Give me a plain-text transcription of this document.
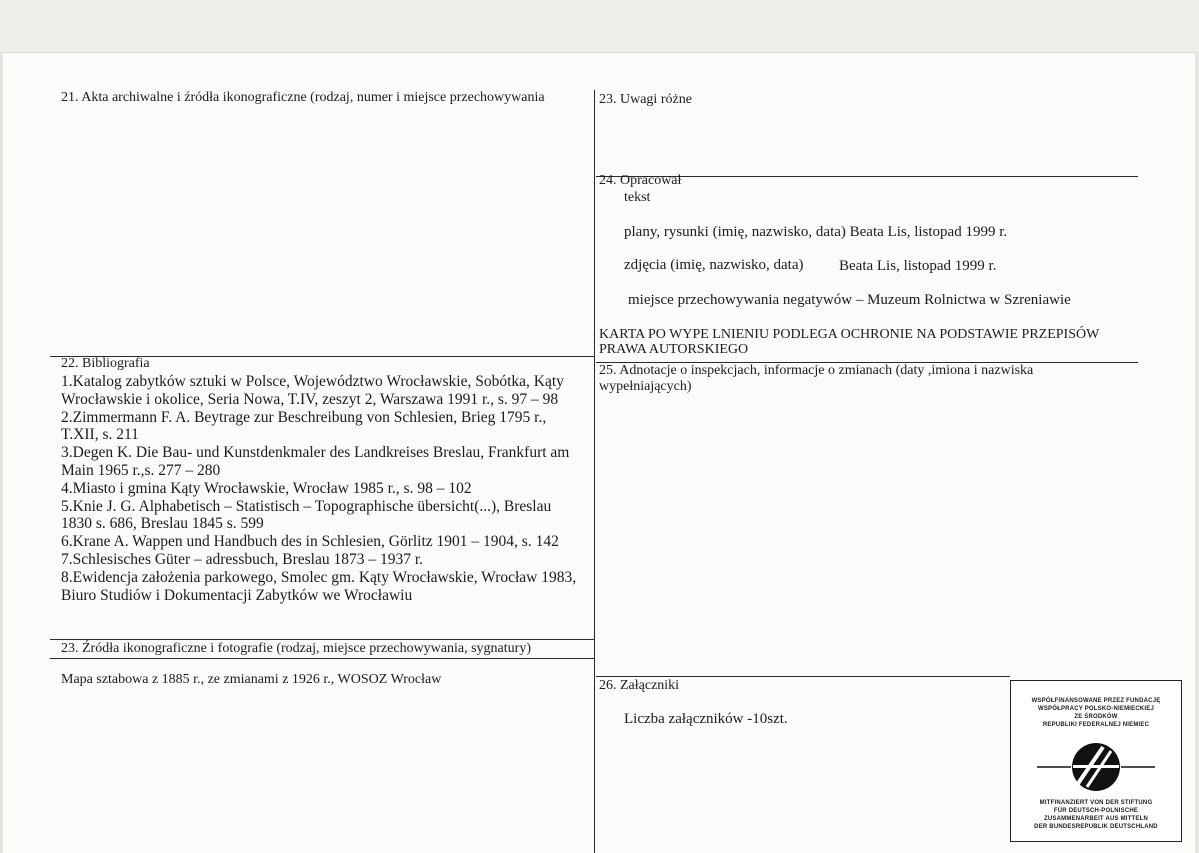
21. Akta archiwalne i źródła ikonograficzne (rodzaj, numer i miejsce przechowywania	23. Uwagi różne
24. Opracował
tekst
plany, rysunki (imię, nazwisko, data) Beata Lis, listopad 1999 r.
zdjęcia (imię, nazwisko, data) Beata Lis, listopad 1999 r.
miejsce przechowywania negatywów – Muzeum Rolnictwa w Szreniawie
KARTA PO WYPE LNIENIU PODLEGA OCHRONIE NA PODSTAWIE PRZEPISÓW
PRAWA AUTORSKIEGO
22. Bibliografia
1.Katalog zabytków sztuki w Polsce, Województwo Wrocławskie, Sobótka, Kąty
Wrocławskie i okolice, Seria Nowa, T.IV, zeszyt 2, Warszawa 1991 r., s. 97 – 98
2.Zimmermann F. A. Beytrage zur Beschreibung von Schlesien, Brieg 1795 r.,
T.XII, s. 211
3.Degen K. Die Bau- und Kunstdenkmaler des Landkreises Breslau, Frankfurt am
Main 1965 r.,s. 277 – 280
4.Miasto i gmina Kąty Wrocławskie, Wrocław 1985 r., s. 98 – 102
5.Knie J. G. Alphabetisch – Statistisch – Topographische übersicht(...), Breslau
1830 s. 686, Breslau 1845 s. 599
6.Krane A. Wappen und Handbuch des in Schlesien, Görlitz 1901 – 1904, s. 142
7.Schlesisches Güter – adressbuch, Breslau 1873 – 1937 r.
8.Ewidencja założenia parkowego, Smolec gm. Kąty Wrocławskie, Wrocław 1983,
Biuro Studiów i Dokumentacji Zabytków we Wrocławiu
25. Adnotacje o inspekcjach, informacje o zmianach (daty ,imiona i nazwiska
wypełniających)
23. Źródła ikonograficzne i fotografie (rodzaj, miejsce przechowywania, sygnatury)
Mapa sztabowa z 1885 r., ze zmianami z 1926 r., WOSOZ Wrocław	26. Załączniki
Liczba załączników -10szt.
WSPÓŁFINANSOWANE PRZEZ FUNDACJĘ
WSPÓŁPRACY POLSKO-NIEMIECKIEJ
ZE ŚRODKÓW
REPUBLIKI FEDERALNEJ NIEMIEC
MITFINANZIERT VON DER STIFTUNG
FÜR DEUTSCH-POLNISCHE
ZUSAMMENARBEIT AUS MITTELN
DER BUNDESREPUBLIK DEUTSCHLAND
